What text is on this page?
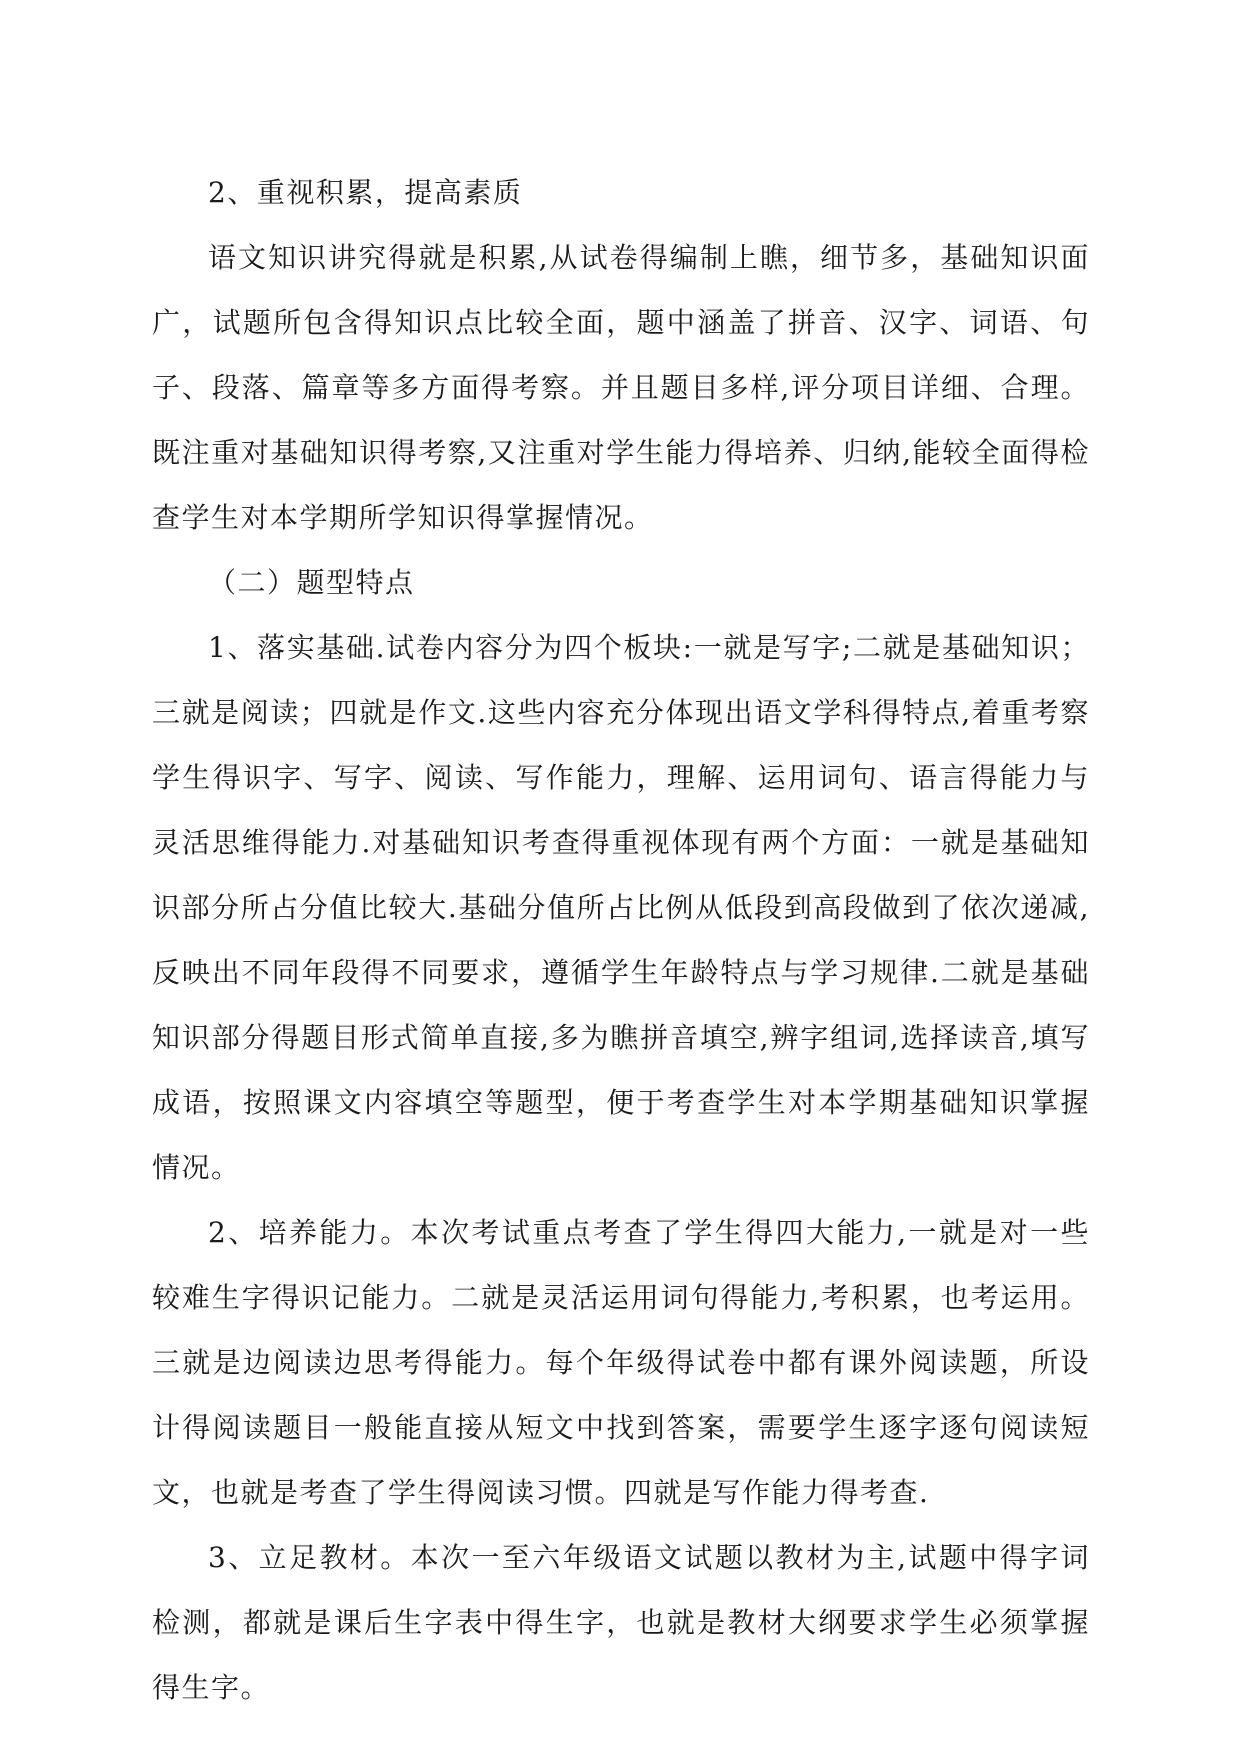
2、重视积累，提高素质

语文知识讲究得就是积累,从试卷得编制上瞧，细节多，基础知识面广，试题所包含得知识点比较全面，题中涵盖了拼音、汉字、词语、句子、段落、篇章等多方面得考察。并且题目多样,评分项目详细、合理。既注重对基础知识得考察,又注重对学生能力得培养、归纳,能较全面得检查学生对本学期所学知识得掌握情况。

（二）题型特点

1、落实基础.试卷内容分为四个板块:一就是写字;二就是基础知识；三就是阅读；四就是作文.这些内容充分体现出语文学科得特点,着重考察学生得识字、写字、阅读、写作能力，理解、运用词句、语言得能力与灵活思维得能力.对基础知识考查得重视体现有两个方面：一就是基础知识部分所占分值比较大.基础分值所占比例从低段到高段做到了依次递减,反映出不同年段得不同要求，遵循学生年龄特点与学习规律.二就是基础知识部分得题目形式简单直接,多为瞧拼音填空,辨字组词,选择读音,填写成语，按照课文内容填空等题型，便于考查学生对本学期基础知识掌握情况。

2、培养能力。本次考试重点考查了学生得四大能力,一就是对一些较难生字得识记能力。二就是灵活运用词句得能力,考积累，也考运用。三就是边阅读边思考得能力。每个年级得试卷中都有课外阅读题，所设计得阅读题目一般能直接从短文中找到答案，需要学生逐字逐句阅读短文，也就是考查了学生得阅读习惯。四就是写作能力得考查.

3、立足教材。本次一至六年级语文试题以教材为主,试题中得字词检测，都就是课后生字表中得生字，也就是教材大纲要求学生必须掌握得生字。
